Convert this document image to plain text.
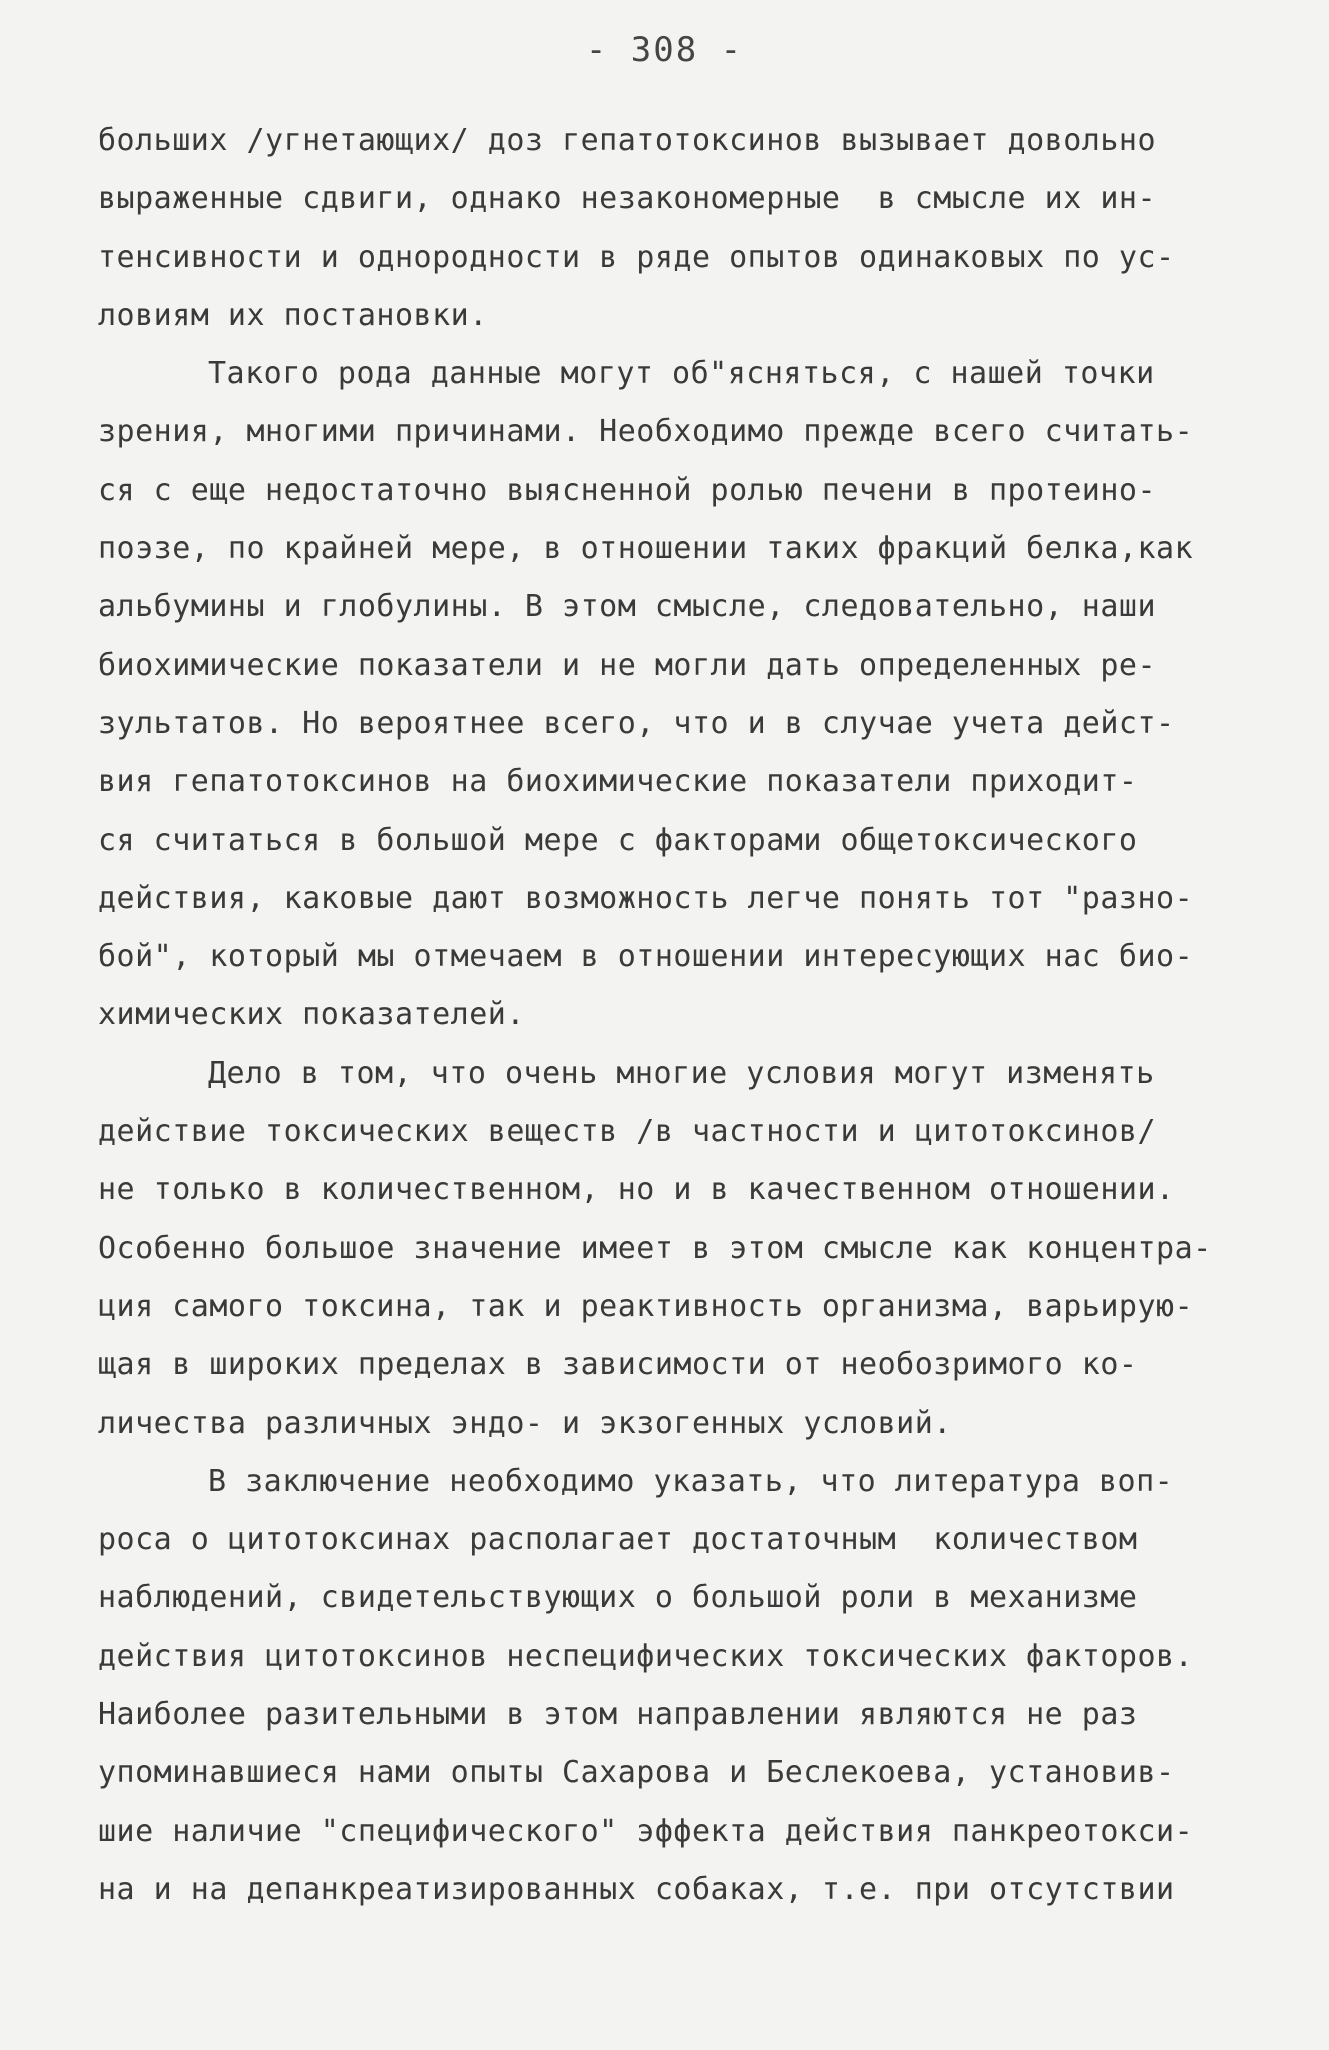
- 308 -
больших /угнетающих/ доз гепатотоксинов вызывает довольно
выраженные сдвиги, однако незакономерные  в смысле их ин-
тенсивности и однородности в ряде опытов одинаковых по ус-
ловиям их постановки.
Такого рода данные могут об"ясняться, с нашей точки
зрения, многими причинами. Необходимо прежде всего считать-
ся с еще недостаточно выясненной ролью печени в протеино-
поэзе, по крайней мере, в отношении таких фракций белка,как
альбумины и глобулины. В этом смысле, следовательно, наши
биохимические показатели и не могли дать определенных ре-
зультатов. Но вероятнее всего, что и в случае учета дейст-
вия гепатотоксинов на биохимические показатели приходит-
ся считаться в большой мере с факторами общетоксического
действия, каковые дают возможность легче понять тот "разно-
бой", который мы отмечаем в отношении интересующих нас био-
химических показателей.
Дело в том, что очень многие условия могут изменять
действие токсических веществ /в частности и цитотоксинов/
не только в количественном, но и в качественном отношении.
Особенно большое значение имеет в этом смысле как концентра-
ция самого токсина, так и реактивность организма, варьирую-
щая в широких пределах в зависимости от необозримого ко-
личества различных эндо- и экзогенных условий.
В заключение необходимо указать, что литература воп-
роса о цитотоксинах располагает достаточным  количеством
наблюдений, свидетельствующих о большой роли в механизме
действия цитотоксинов неспецифических токсических факторов.
Наиболее разительными в этом направлении являются не раз
упоминавшиеся нами опыты Сахарова и Беслекоева, установив-
шие наличие "специфического" эффекта действия панкреотокси-
на и на депанкреатизированных собаках, т.е. при отсутствии
